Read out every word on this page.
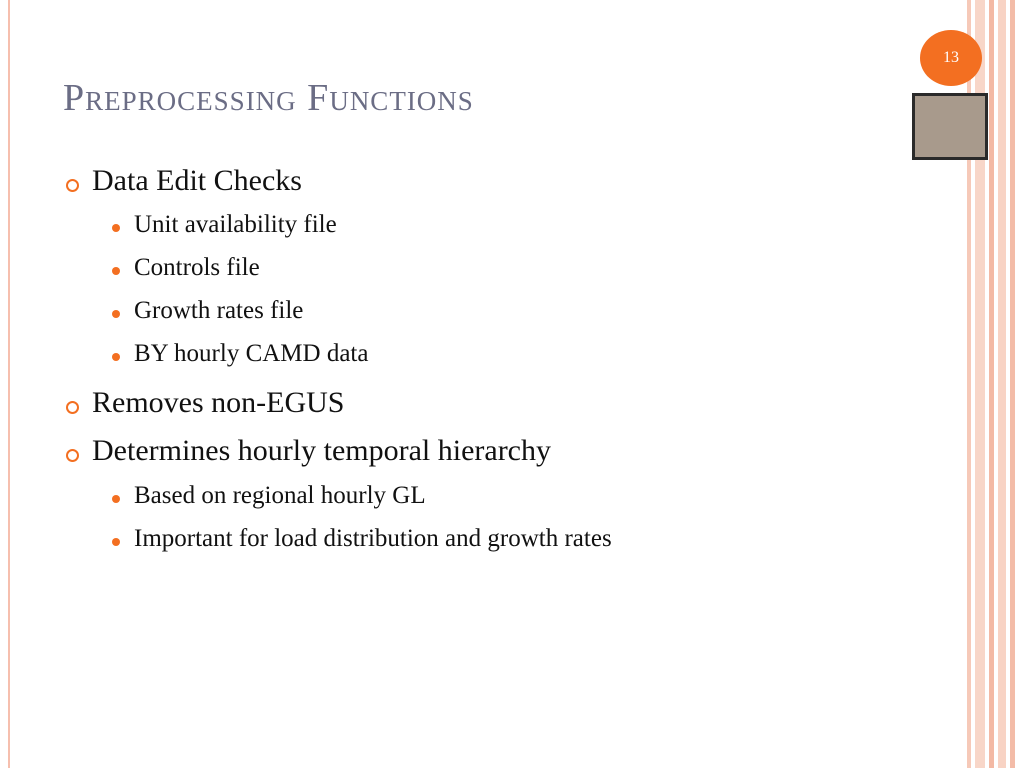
13
Preprocessing Functions
Data Edit Checks
Unit availability file
Controls file
Growth rates file
BY hourly CAMD data
Removes non-EGUS
Determines hourly temporal hierarchy
Based on regional hourly GL
Important for load distribution and growth rates
